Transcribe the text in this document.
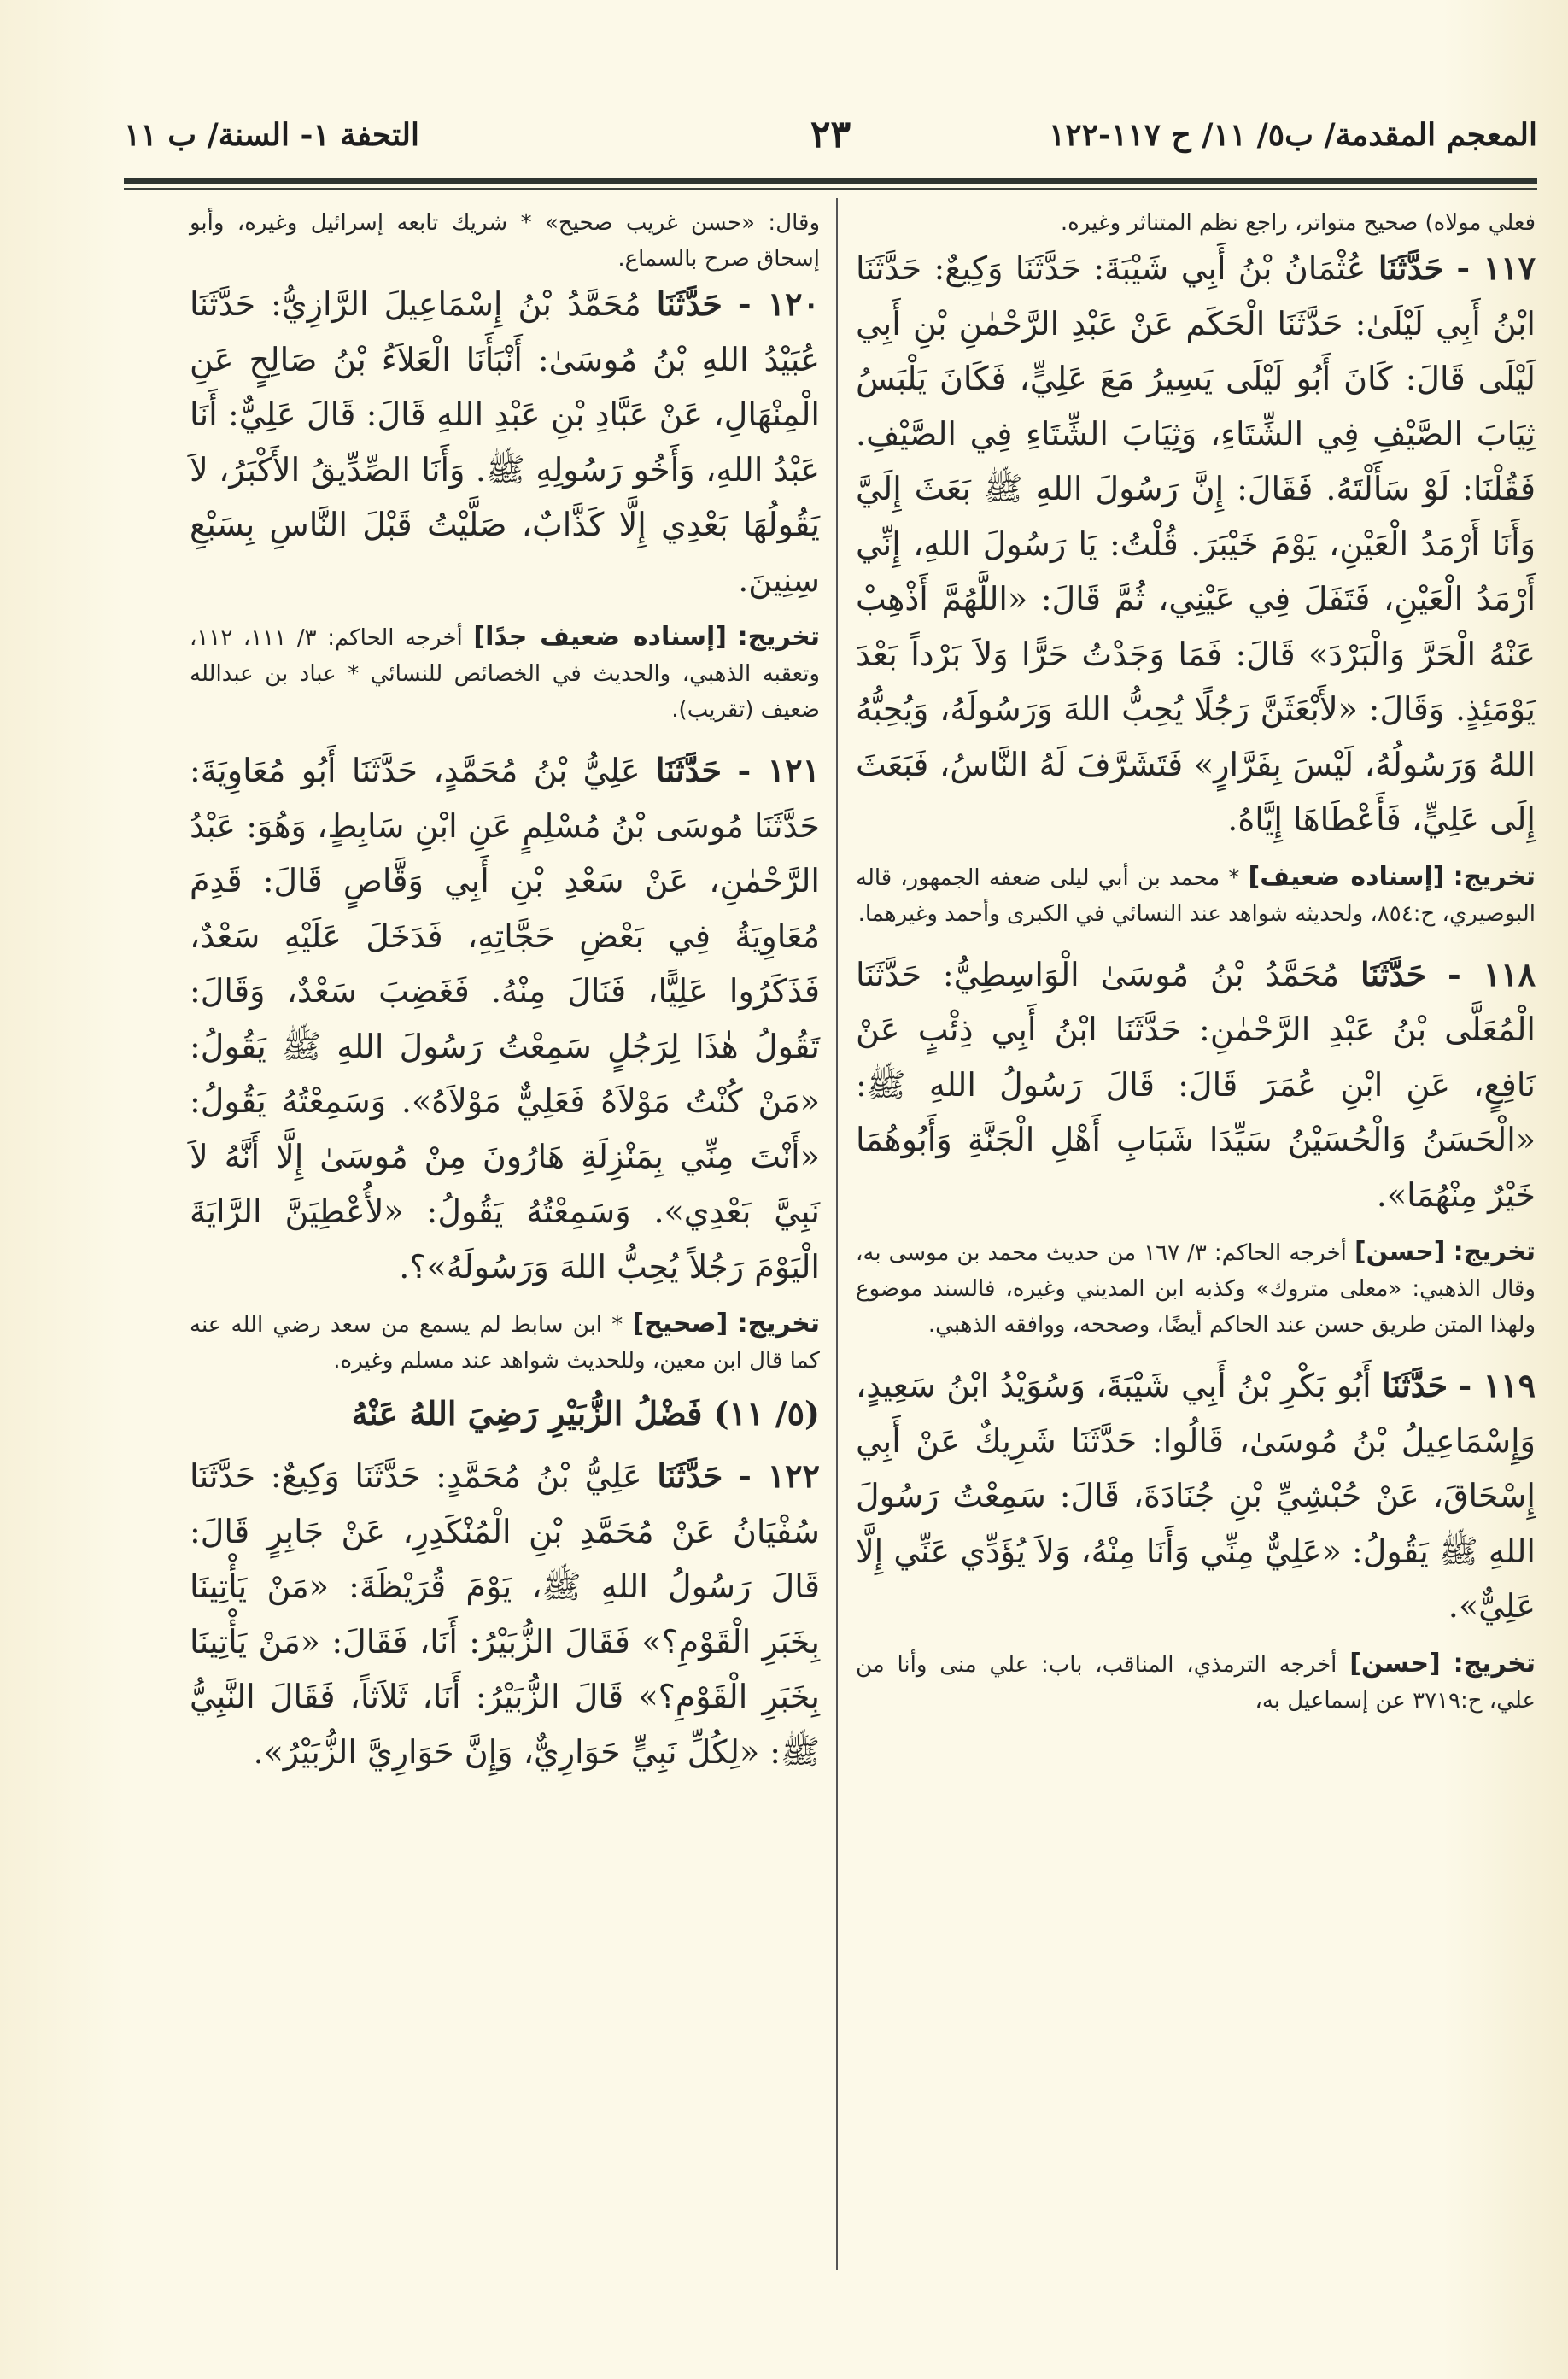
المعجم المقدمة/ ب٥/ ١١/ ح ١١٧-١٢٢
٢٣
التحفة ١- السنة/ ب ١١

فعلي مولاه) صحيح متواتر، راجع نظم المتناثر وغيره.

١١٧ - حَدَّثَنَا عُثْمَانُ بْنُ أَبِي شَيْبَةَ: حَدَّثَنَا وَكِيعٌ: حَدَّثَنَا ابْنُ أَبِي لَيْلَىٰ: حَدَّثَنَا الْحَكَم عَنْ عَبْدِ الرَّحْمٰنِ بْنِ أَبِي لَيْلَى قَالَ: كَانَ أَبُو لَيْلَى يَسِيرُ مَعَ عَلِيٍّ، فَكَانَ يَلْبَسُ ثِيَابَ الصَّيْفِ فِي الشِّتَاءِ، وَثِيَابَ الشِّتَاءِ فِي الصَّيْفِ. فَقُلْنَا: لَوْ سَأَلْتَهُ. فَقَالَ: إِنَّ رَسُولَ اللهِ ﷺ بَعَثَ إِلَيَّ وَأَنَا أَرْمَدُ الْعَيْنِ، يَوْمَ خَيْبَرَ. قُلْتُ: يَا رَسُولَ اللهِ، إِنِّي أَرْمَدُ الْعَيْنِ، فَتَفَلَ فِي عَيْنِي، ثُمَّ قَالَ: «اللَّهُمَّ أَذْهِبْ عَنْهُ الْحَرَّ وَالْبَرْدَ» قَالَ: فَمَا وَجَدْتُ حَرًّا وَلاَ بَرْداً بَعْدَ يَوْمَئِذٍ. وَقَالَ: «لأَبْعَثَنَّ رَجُلًا يُحِبُّ اللهَ وَرَسُولَهُ، وَيُحِبُّهُ اللهُ وَرَسُولُهُ، لَيْسَ بِفَرَّارٍ» فَتَشَرَّفَ لَهُ النَّاسُ، فَبَعَثَ إِلَى عَلِيٍّ، فَأَعْطَاهَا إِيَّاهُ.

تخريج: [إسناده ضعيف] * محمد بن أبي ليلى ضعفه الجمهور، قاله البوصيري، ح:٨٥٤، ولحديثه شواهد عند النسائي في الكبرى وأحمد وغيرهما.

١١٨ - حَدَّثَنَا مُحَمَّدُ بْنُ مُوسَىٰ الْوَاسِطِيُّ: حَدَّثَنَا الْمُعَلَّى بْنُ عَبْدِ الرَّحْمٰنِ: حَدَّثَنَا ابْنُ أَبِي ذِئْبٍ عَنْ نَافِعٍ، عَنِ ابْنِ عُمَرَ قَالَ: قَالَ رَسُولُ اللهِ ﷺ: «الْحَسَنُ وَالْحُسَيْنُ سَيِّدَا شَبَابِ أَهْلِ الْجَنَّةِ وَأَبُوهُمَا خَيْرٌ مِنْهُمَا».

تخريج: [حسن] أخرجه الحاكم: ٣/ ١٦٧ من حديث محمد بن موسى به، وقال الذهبي: «معلى متروك» وكذبه ابن المديني وغيره، فالسند موضوع ولهذا المتن طريق حسن عند الحاكم أيضًا، وصححه، ووافقه الذهبي.

١١٩ - حَدَّثَنَا أَبُو بَكْرِ بْنُ أَبِي شَيْبَةَ، وَسُوَيْدُ ابْنُ سَعِيدٍ، وَإِسْمَاعِيلُ بْنُ مُوسَىٰ، قَالُوا: حَدَّثَنَا شَرِيكٌ عَنْ أَبِي إِسْحَاقَ، عَنْ حُبْشِيِّ بْنِ جُنَادَةَ، قَالَ: سَمِعْتُ رَسُولَ اللهِ ﷺ يَقُولُ: «عَلِيٌّ مِنِّي وَأَنَا مِنْهُ، وَلاَ يُؤَدِّي عَنِّي إِلَّا عَلِيٌّ».

تخريج: [حسن] أخرجه الترمذي، المناقب، باب: علي منى وأنا من علي، ح:٣٧١٩ عن إسماعيل به،

وقال: «حسن غريب صحيح» * شريك تابعه إسرائيل وغيره، وأبو إسحاق صرح بالسماع.

١٢٠ - حَدَّثَنَا مُحَمَّدُ بْنُ إِسْمَاعِيلَ الرَّازِيُّ: حَدَّثَنَا عُبَيْدُ اللهِ بْنُ مُوسَىٰ: أَنْبَأَنَا الْعَلاَءُ بْنُ صَالِحٍ عَنِ الْمِنْهَالِ، عَنْ عَبَّادِ بْنِ عَبْدِ اللهِ قَالَ: قَالَ عَلِيٌّ: أَنَا عَبْدُ اللهِ، وَأَخُو رَسُولِهِ ﷺ. وَأَنَا الصِّدِّيقُ الأَكْبَرُ، لاَ يَقُولُهَا بَعْدِي إِلَّا كَذَّابٌ، صَلَّيْتُ قَبْلَ النَّاسِ بِسَبْعِ سِنِينَ.

تخريج: [إسناده ضعيف جدًا] أخرجه الحاكم: ٣/ ١١١، ١١٢، وتعقبه الذهبي، والحديث في الخصائص للنسائي * عباد بن عبدالله ضعيف (تقريب).

١٢١ - حَدَّثَنَا عَلِيُّ بْنُ مُحَمَّدٍ، حَدَّثَنَا أَبُو مُعَاوِيَةَ: حَدَّثَنَا مُوسَى بْنُ مُسْلِمٍ عَنِ ابْنِ سَابِطٍ، وَهُوَ: عَبْدُ الرَّحْمٰنِ، عَنْ سَعْدِ بْنِ أَبِي وَقَّاصٍ قَالَ: قَدِمَ مُعَاوِيَةُ فِي بَعْضِ حَجَّاتِهِ، فَدَخَلَ عَلَيْهِ سَعْدٌ، فَذَكَرُوا عَلِيًّا، فَنَالَ مِنْهُ. فَغَضِبَ سَعْدٌ، وَقَالَ: تَقُولُ هٰذَا لِرَجُلٍ سَمِعْتُ رَسُولَ اللهِ ﷺ يَقُولُ: «مَنْ كُنْتُ مَوْلاَهُ فَعَلِيٌّ مَوْلاَهُ». وَسَمِعْتُهُ يَقُولُ: «أَنْتَ مِنِّي بِمَنْزِلَةِ هَارُونَ مِنْ مُوسَىٰ إِلَّا أَنَّهُ لاَ نَبِيَّ بَعْدِي». وَسَمِعْتُهُ يَقُولُ: «لأُعْطِيَنَّ الرَّايَةَ الْيَوْمَ رَجُلاً يُحِبُّ اللهَ وَرَسُولَهُ»؟.

تخريج: [صحيح] * ابن سابط لم يسمع من سعد رضي الله عنه كما قال ابن معين، وللحديث شواهد عند مسلم وغيره.

(٥/ ١١) فَضْلُ الزُّبَيْرِ رَضِيَ اللهُ عَنْهُ

١٢٢ - حَدَّثَنَا عَلِيُّ بْنُ مُحَمَّدٍ: حَدَّثَنَا وَكِيعٌ: حَدَّثَنَا سُفْيَانُ عَنْ مُحَمَّدِ بْنِ الْمُنْكَدِرِ، عَنْ جَابِرٍ قَالَ: قَالَ رَسُولُ اللهِ ﷺ، يَوْمَ قُرَيْظَةَ: «مَنْ يَأْتِينَا بِخَبَرِ الْقَوْمِ؟» فَقَالَ الزُّبَيْرُ: أَنَا، فَقَالَ: «مَنْ يَأْتِينَا بِخَبَرِ الْقَوْمِ؟» قَالَ الزُّبَيْرُ: أَنَا، ثَلاَثاً، فَقَالَ النَّبِيُّ ﷺ: «لِكُلِّ نَبِيٍّ حَوَارِيٌّ، وَإِنَّ حَوَارِيَّ الزُّبَيْرُ».
